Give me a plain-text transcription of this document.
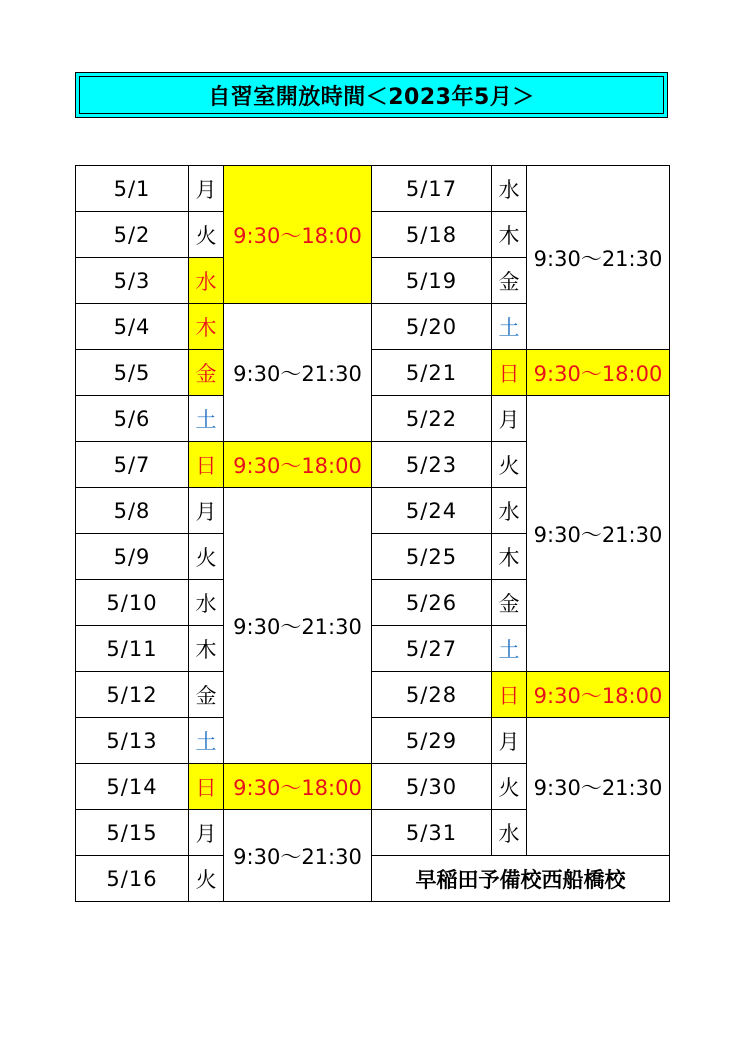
自習室開放時間＜2023年5月＞
5/1	月	9:30～18:00	5/17	水	9:30～21:30
5/2	火		5/18	木	
5/3	水		5/19	金	
5/4	木	9:30～21:30	5/20	土	
5/5	金		5/21	日	9:30～18:00
5/6	土		5/22	月	9:30～21:30
5/7	日	9:30～18:00	5/23	火	
5/8	月	9:30～21:30	5/24	水	
5/9	火		5/25	木	
5/10	水		5/26	金	
5/11	木		5/27	土	
5/12	金		5/28	日	9:30～18:00
5/13	土		5/29	月	9:30～21:30
5/14	日	9:30～18:00	5/30	火	
5/15	月	9:30～21:30	5/31	水	
5/16	火		早稲田予備校西船橋校		
